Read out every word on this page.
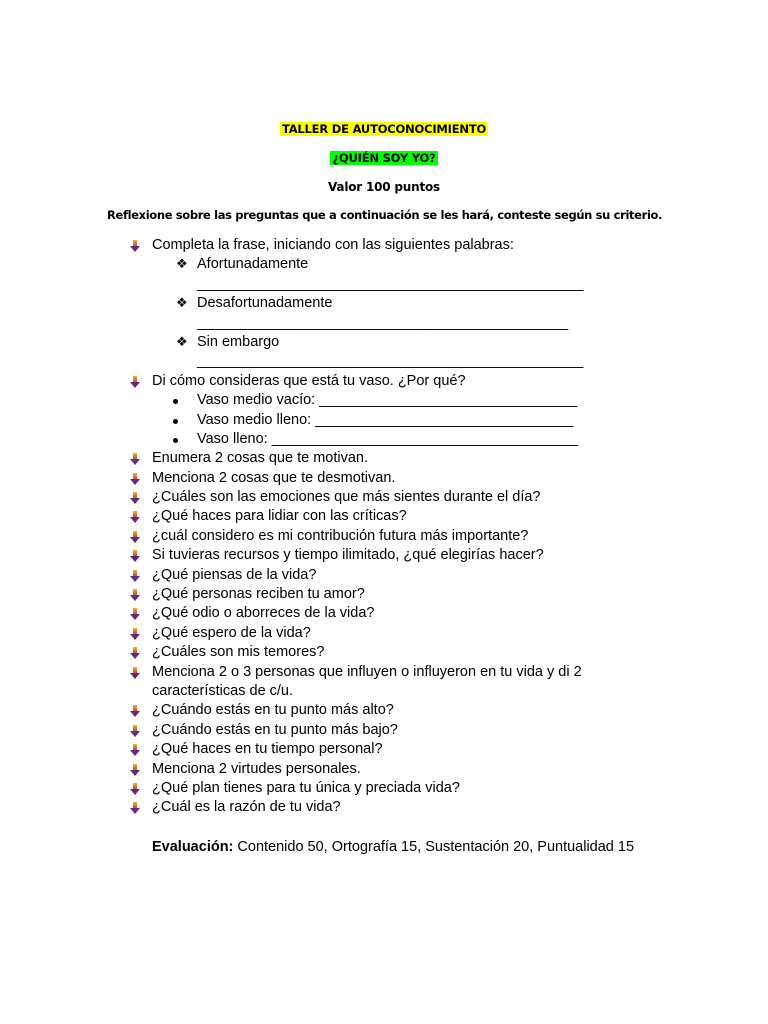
TALLER DE AUTOCONOCIMIENTO
¿QUIÉN SOY YO?
Valor 100 puntos
Reflexione sobre las preguntas que a continuación se les hará, conteste según su criterio.
Completa la frase, iniciando con las siguientes palabras:
❖ Afortunadamente
___________________________________________________
❖ Desafortunadamente
_________________________________________________
❖ Sin embargo
___________________________________________________
Di cómo consideras que está tu vaso. ¿Por qué?
Vaso medio vacío: ________________________________
Vaso medio lleno: ________________________________
Vaso lleno: ______________________________________
Enumera 2 cosas que te motivan.
Menciona 2 cosas que te desmotivan.
¿Cuáles son las emociones que más sientes durante el día?
¿Qué haces para lidiar con las críticas?
¿cuál considero es mi contribución futura más importante?
Si tuvieras recursos y tiempo ilimitado, ¿qué elegirías hacer?
¿Qué piensas de la vida?
¿Qué personas reciben tu amor?
¿Qué odio o aborreces de la vida?
¿Qué espero de la vida?
¿Cuáles son mis temores?
Menciona 2 o 3 personas que influyen o influyeron en tu vida y di 2
características de c/u.
¿Cuándo estás en tu punto más alto?
¿Cuándo estás en tu punto más bajo?
¿Qué haces en tu tiempo personal?
Menciona 2 virtudes personales.
¿Qué plan tienes para tu única y preciada vida?
¿Cuál es la razón de tu vida?
Evaluación: Contenido 50, Ortografía 15, Sustentación 20, Puntualidad 15
